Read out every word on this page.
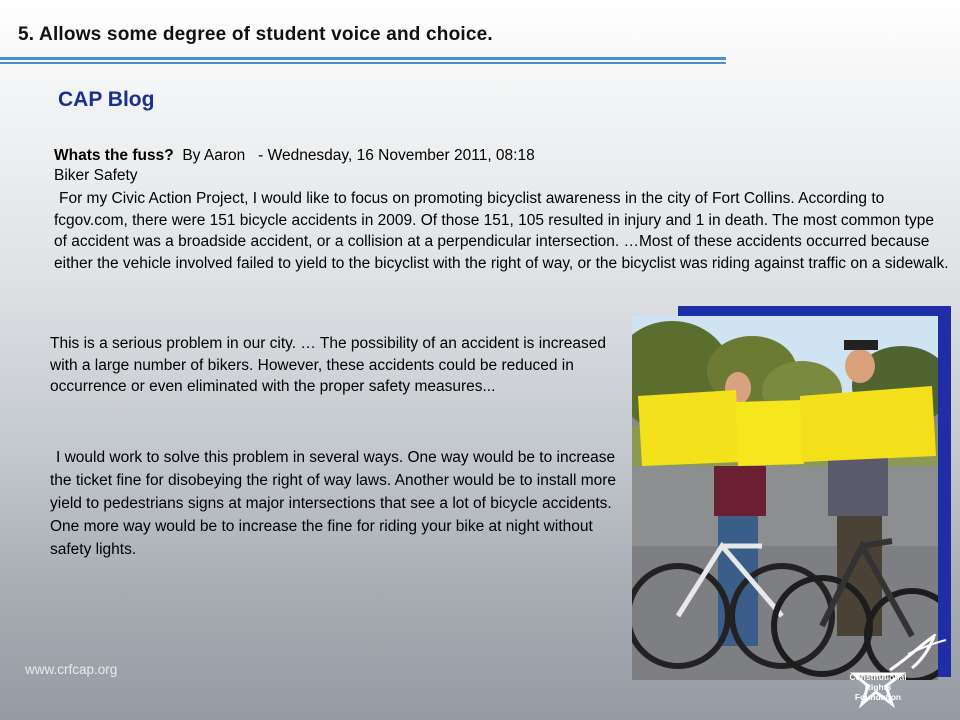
5. Allows some degree of student voice and choice.
CAP Blog
Whats the fuss?  By Aaron   - Wednesday, 16 November 2011, 08:18
Biker Safety
For my Civic Action Project, I would like to focus on promoting bicyclist awareness in the city of Fort Collins. According to fcgov.com, there were 151 bicycle accidents in 2009. Of those 151, 105 resulted in injury and 1 in death. The most common type of accident was a broadside accident, or a collision at a perpendicular intersection. …Most of these accidents occurred because either the vehicle involved failed to yield to the bicyclist with the right of way, or the bicyclist was riding against traffic on a sidewalk.
This is a serious problem in our city. … The possibility of an accident is increased with a large number of bikers. However, these accidents could be reduced in occurrence or even eliminated with the proper safety measures...
I would work to solve this problem in several ways. One way would be to increase the ticket fine for disobeying the right of way laws. Another would be to install more yield to pedestrians signs at major intersections that see a lot of bicycle accidents. One more way would be to increase the fine for riding your bike at night without safety lights.
www.crfcap.org	Constitutional
Rights
Foundation
